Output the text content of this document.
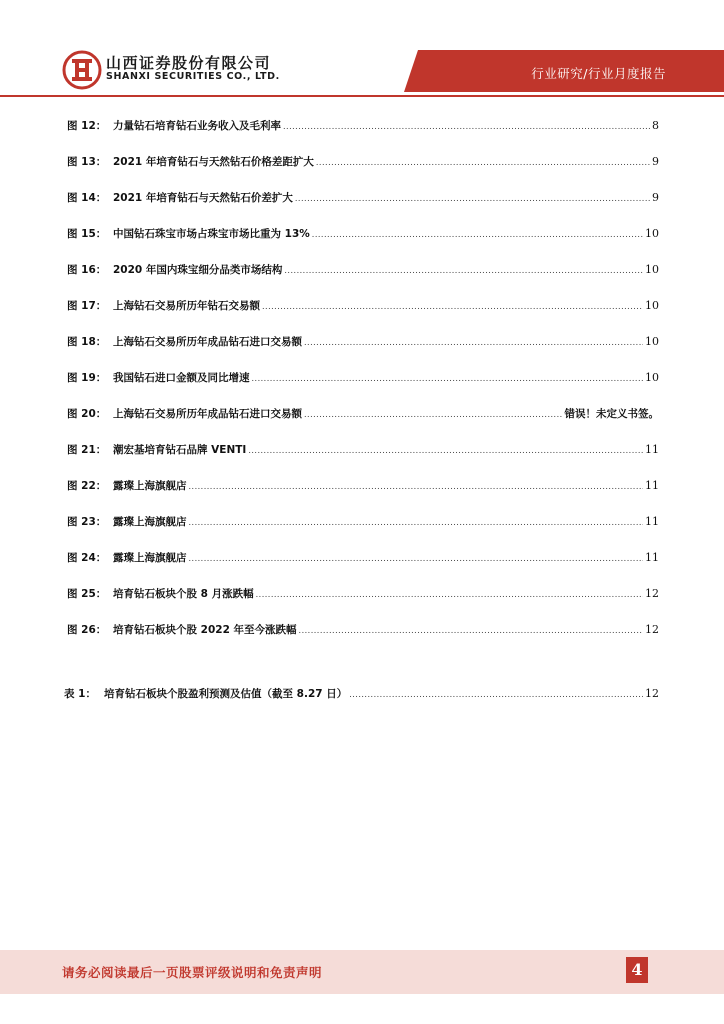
山西证券股份有限公司
SHANXI SECURITIES CO., LTD.	行业研究/行业月度报告
图 12： 力量钻石培育钻石业务收入及毛利率 .....	8
图 13： 2021 年培育钻石与天然钻石价格差距扩大 .....	9
图 14： 2021 年培育钻石与天然钻石价差扩大 .....	9
图 15： 中国钻石珠宝市场占珠宝市场比重为 13% .....	10
图 16： 2020 年国内珠宝细分品类市场结构 .....	10
图 17： 上海钻石交易所历年钻石交易额 .....	10
图 18： 上海钻石交易所历年成品钻石进口交易额 .....	10
图 19： 我国钻石进口金额及同比增速 .....	10
图 20： 上海钻石交易所历年成品钻石进口交易额 .....	错误！未定义书签。
图 21： 潮宏基培育钻石品牌 VENTI .....	11
图 22： 露璨上海旗舰店 .....	11
图 23： 露璨上海旗舰店 .....	11
图 24： 露璨上海旗舰店 .....	11
图 25： 培育钻石板块个股 8 月涨跌幅 .....	12
图 26： 培育钻石板块个股 2022 年至今涨跌幅 .....	12
表 1： 培育钻石板块个股盈利预测及估值（截至 8.27 日） .....	12
请务必阅读最后一页股票评级说明和免责声明	4
